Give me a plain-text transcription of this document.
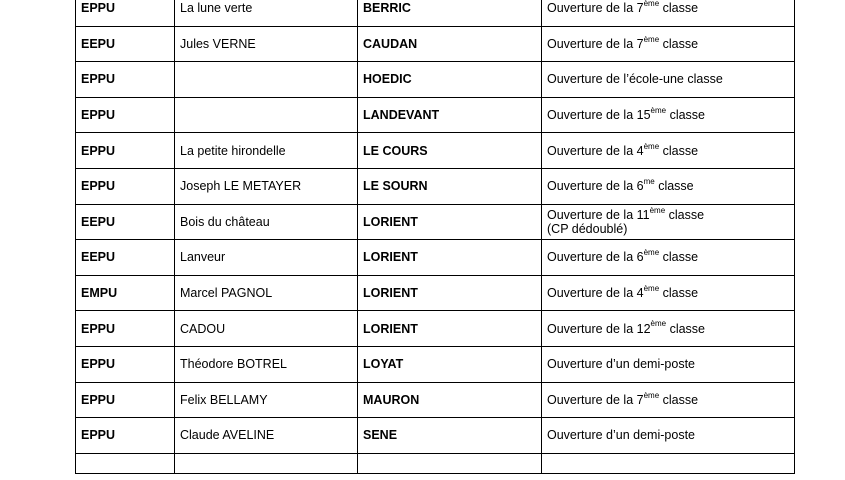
EPPU	La lune verte	BERRIC	Ouverture de la 7ème classe
EEPU	Jules VERNE	CAUDAN	Ouverture de la 7ème classe
EPPU		HOEDIC	Ouverture de l’école-une classe
EPPU		LANDEVANT	Ouverture de la 15ème classe
EPPU	La petite hirondelle	LE COURS	Ouverture de la 4ème classe
EPPU	Joseph LE METAYER	LE SOURN	Ouverture de la $6^{me}$ classe
EEPU	Bois du château	LORIENT	Ouverture de la 11ème classe
(CP dédoublé)
EEPU	Lanveur	LORIENT	Ouverture de la 6ème classe
EMPU	Marcel PAGNOL	LORIENT	Ouverture de la 4ème classe
EPPU	CADOU	LORIENT	Ouverture de la 12ème classe
EPPU	Théodore BOTREL	LOYAT	Ouverture d’un demi-poste
EPPU	Felix BELLAMY	MAURON	Ouverture de la 7ème classe
EPPU	Claude AVELINE	SENE	Ouverture d’un demi-poste
